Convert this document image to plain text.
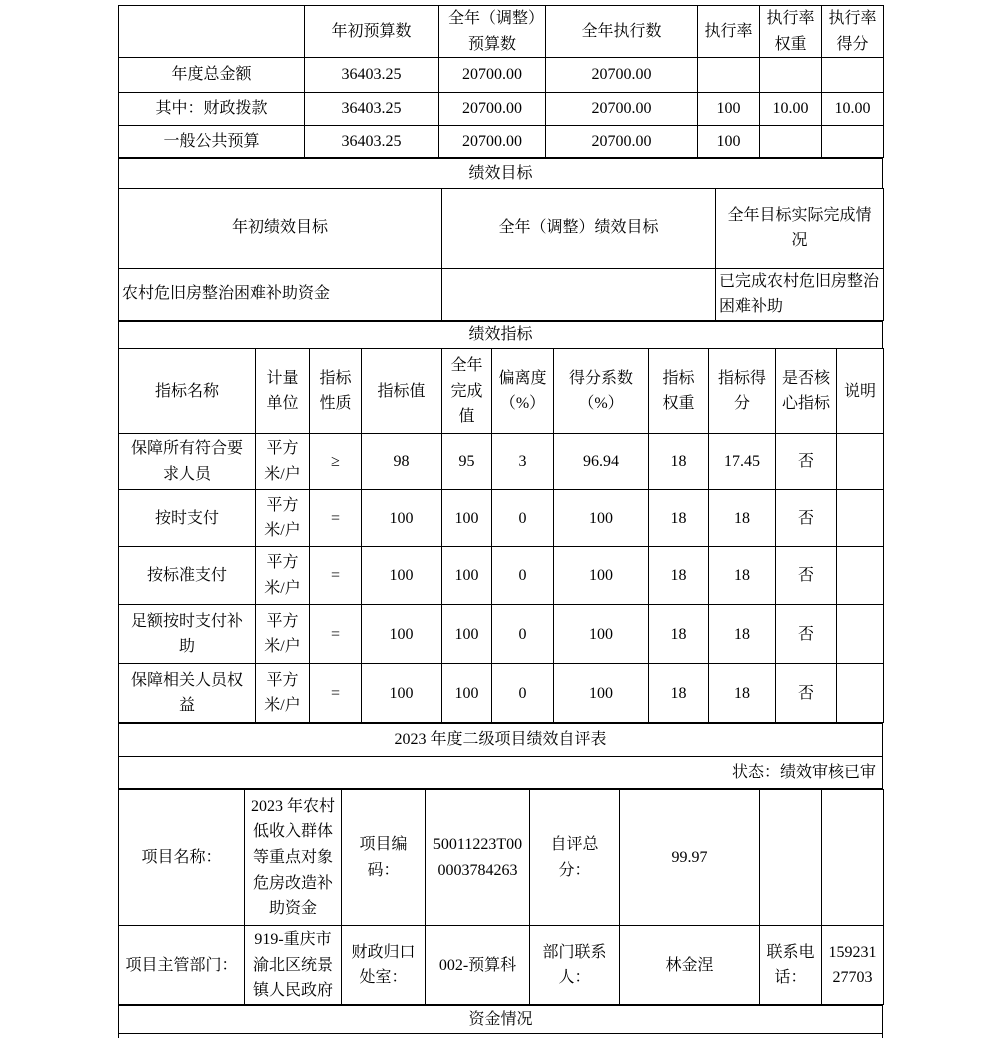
	年初预算数	全年（调整）预算数	全年执行数	执行率	执行率权重	执行率得分
年度总金额	36403.25	20700.00	20700.00			
其中：财政拨款	36403.25	20700.00	20700.00	100	10.00	10.00
一般公共预算	36403.25	20700.00	20700.00	100		
绩效目标
年初绩效目标	全年（调整）绩效目标	全年目标实际完成情况
农村危旧房整治困难补助资金		已完成农村危旧房整治困难补助
绩效指标
指标名称	计量单位	指标性质	指标值	全年完成值	偏离度（%）	得分系数（%）	指标权重	指标得分	是否核心指标	说明
保障所有符合要求人员	平方米/户	≥	98	95	3	96.94	18	17.45	否	
按时支付	平方米/户	=	100	100	0	100	18	18	否	
按标准支付	平方米/户	=	100	100	0	100	18	18	否	
足额按时支付补助	平方米/户	=	100	100	0	100	18	18	否	
保障相关人员权益	平方米/户	=	100	100	0	100	18	18	否	
2023 年度二级项目绩效自评表
状态：绩效审核已审
项目名称：	2023 年农村低收入群体等重点对象危房改造补助资金	项目编码：	50011223T000003784263	自评总分：	99.97		
项目主管部门：	919-重庆市渝北区统景镇人民政府	财政归口处室：	002-预算科	部门联系人：	林金涅	联系电话：	15923127703
资金情况
